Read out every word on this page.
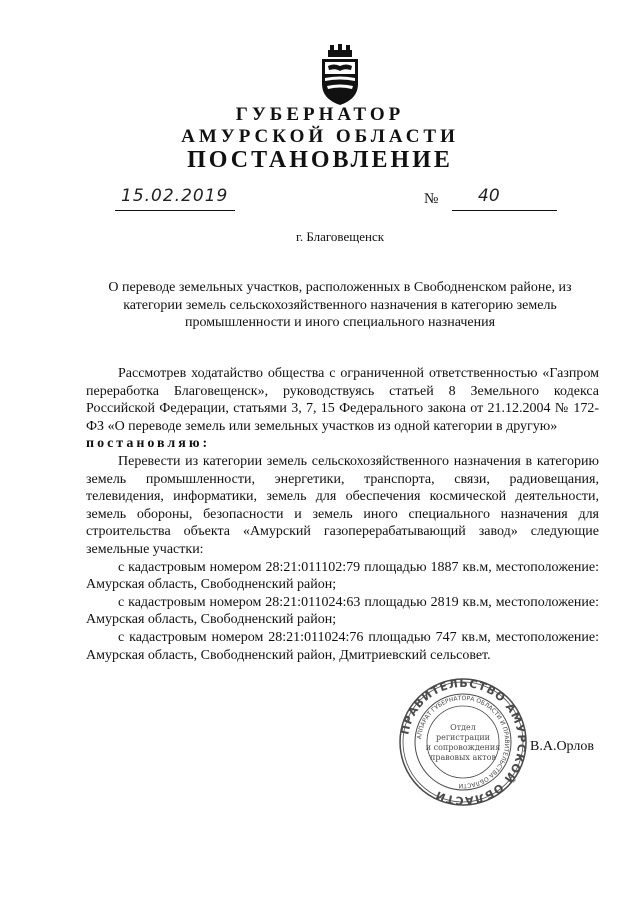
ГУБЕРНАТОР
АМУРСКОЙ ОБЛАСТИ
ПОСТАНОВЛЕНИЕ
15.02.2019	№ 40
г. Благовещенск
О переводе земельных участков, расположенных в Свободненском районе, из категории земель сельскохозяйственного назначения в категорию земель промышленности и иного специального назначения

Рассмотрев ходатайство общества с ограниченной ответственностью «Газпром переработка Благовещенск», руководствуясь статьей 8 Земельного кодекса Российской Федерации, статьями 3, 7, 15 Федерального закона от 21.12.2004 № 172-ФЗ «О переводе земель или земельных участков из одной категории в другую»

постановляю:

Перевести из категории земель сельскохозяйственного назначения в категорию земель промышленности, энергетики, транспорта, связи, радиовещания, телевидения, информатики, земель для обеспечения космической деятельности, земель обороны, безопасности и земель иного специального назначения для строительства объекта «Амурский газоперерабатывающий завод» следующие земельные участки:

с кадастровым номером 28:21:011102:79 площадью 1887 кв.м, местоположение: Амурская область, Свободненский район;

с кадастровым номером 28:21:011024:63 площадью 2819 кв.м, местоположение: Амурская область, Свободненский район;

с кадастровым номером 28:21:011024:76 площадью 747 кв.м, местоположение: Амурская область, Свободненский район, Дмитриевский сельсовет.

ПРАВИТЕЛЬСТВО АМУРСКОЙ ОБЛАСТИ
АППАРАТ ГУБЕРНАТОРА ОБЛАСТИ И ПРАВИТЕЛЬСТВА ОБЛАСТИ
Отдел
регистрации
и сопровождения
правовых актов
В.А.Орлов
